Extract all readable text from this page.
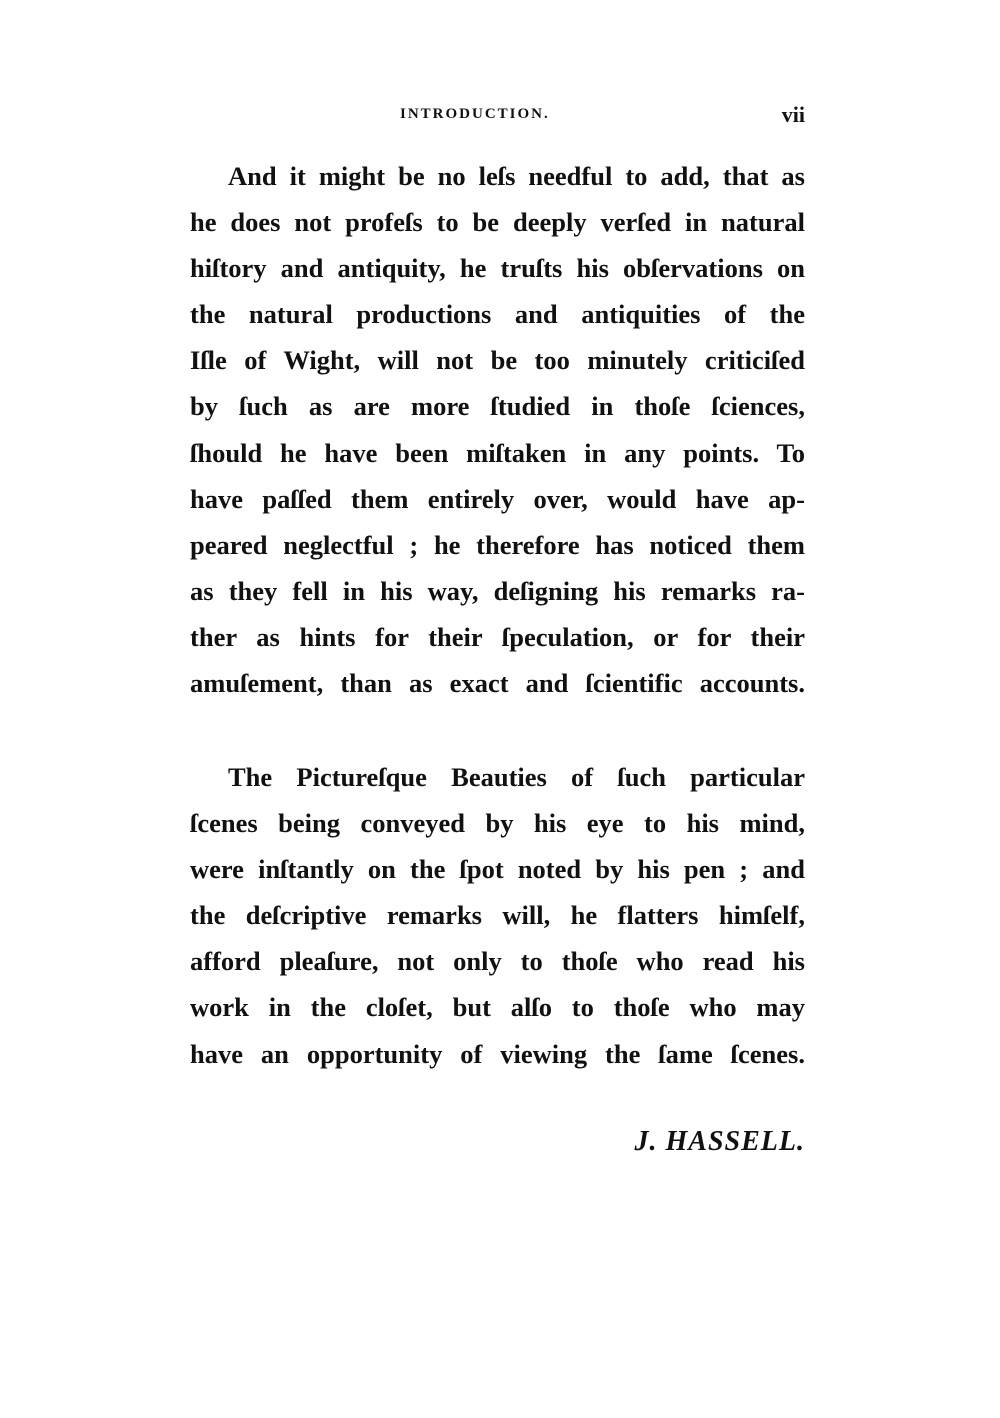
INTRODUCTION.	vii
And it might be no leſs needful to add, that as
he does not profeſs to be deeply verſed in natural
hiſtory and antiquity, he truſts his obſervations on
the natural productions and antiquities of the
Iſle of Wight, will not be too minutely criticiſed
by ſuch as are more ſtudied in thoſe ſciences,
ſhould he have been miſtaken in any points. To
have paſſed them entirely over, would have ap-
peared neglectful ; he therefore has noticed them
as they fell in his way, deſigning his remarks ra-
ther as hints for their ſpeculation, or for their
amuſement, than as exact and ſcientific accounts.
The Pictureſque Beauties of ſuch particular
ſcenes being conveyed by his eye to his mind,
were inſtantly on the ſpot noted by his pen ; and
the deſcriptive remarks will, he flatters himſelf,
afford pleaſure, not only to thoſe who read his
work in the cloſet, but alſo to thoſe who may
have an opportunity of viewing the ſame ſcenes.
J. HASSELL.
